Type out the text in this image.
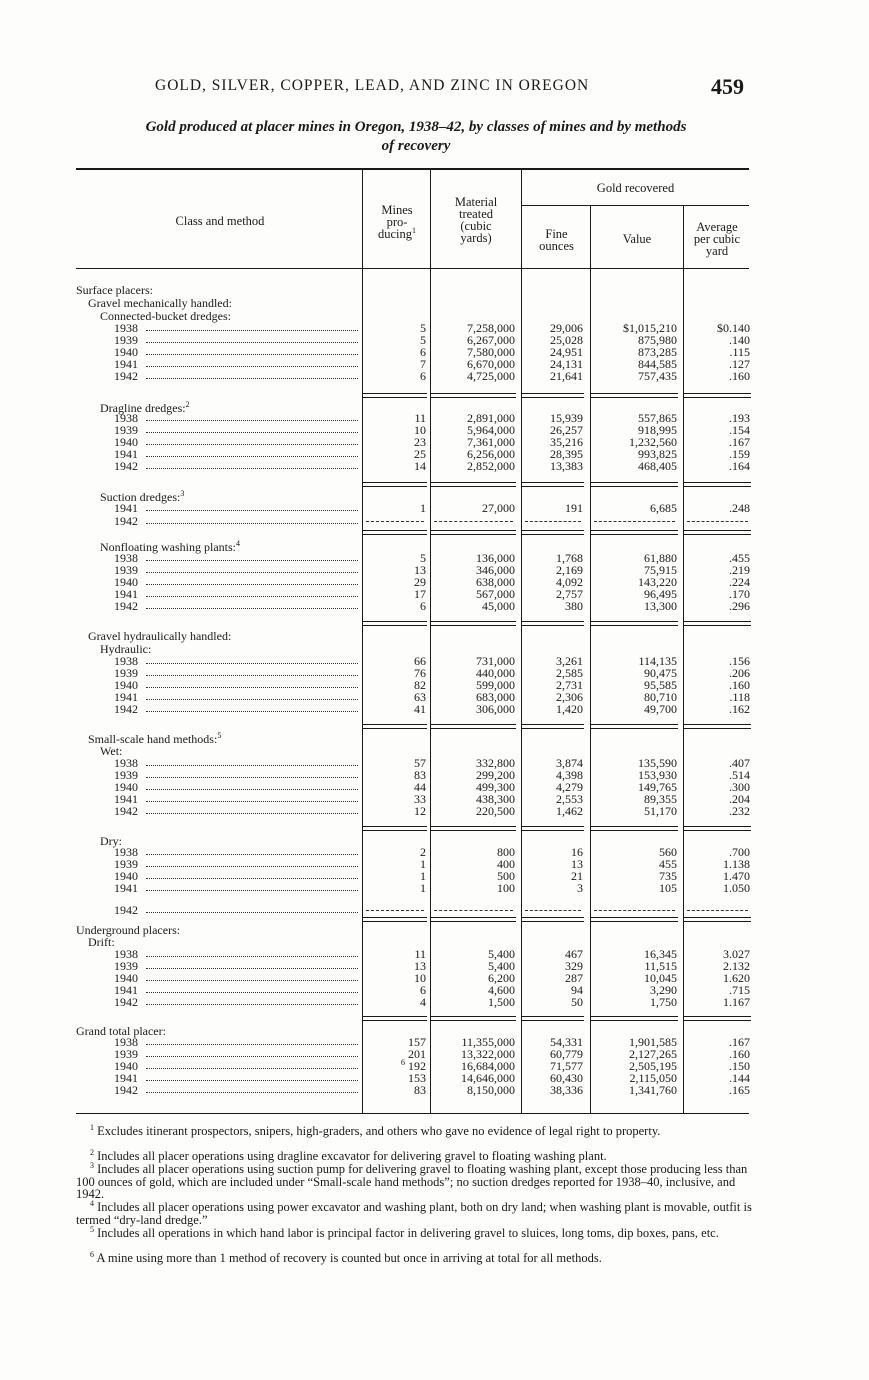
GOLD, SILVER, COPPER, LEAD, AND ZINC IN OREGON	459
Gold produced at placer mines in Oregon, 1938–42, by classes of mines and by methods
of recovery
Class and method
Mines
pro-
ducing$^1$
Material
treated
(cubic
yards)
Gold recovered
Fine
ounces	Value
Average
per cubic
yard
Surface placers:
Gravel mechanically handled:
Connected-bucket dredges:
1938	5	7,258,000	29,006	$1,015,210	$0.140
1939	5	6,267,000	25,028	875,980	.140
1940	6	7,580,000	24,951	873,285	.115
1941	7	6,670,000	24,131	844,585	.127
1942	6	4,725,000	21,641	757,435	.160
Dragline dredges:$^2$
1938	11	2,891,000	15,939	557,865	.193
1939	10	5,964,000	26,257	918,995	.154
1940	23	7,361,000	35,216	1,232,560	.167
1941	25	6,256,000	28,395	993,825	.159
1942	14	2,852,000	13,383	468,405	.164
Suction dredges:$^3$
1941	1	27,000	191	6,685	.248
1942
Nonfloating washing plants:$^4$
1938	5	136,000	1,768	61,880	.455
1939	13	346,000	2,169	75,915	.219
1940	29	638,000	4,092	143,220	.224
1941	17	567,000	2,757	96,495	.170
1942	6	45,000	380	13,300	.296
Gravel hydraulically handled:
Hydraulic:
1938	66	731,000	3,261	114,135	.156
1939	76	440,000	2,585	90,475	.206
1940	82	599,000	2,731	95,585	.160
1941	63	683,000	2,306	80,710	.118
1942	41	306,000	1,420	49,700	.162
Small-scale hand methods:$^5$
Wet:
1938	57	332,800	3,874	135,590	.407
1939	83	299,200	4,398	153,930	.514
1940	44	499,300	4,279	149,765	.300
1941	33	438,300	2,553	89,355	.204
1942	12	220,500	1,462	51,170	.232
Dry:
1938	2	800	16	560	.700
1939	1	400	13	455	1.138
1940	1	500	21	735	1.470
1941	1	100	3	105	1.050
1942
Underground placers:
Drift:
1938	11	5,400	467	16,345	3.027
1939	13	5,400	329	11,515	2.132
1940	10	6,200	287	10,045	1.620
1941	6	4,600	94	3,290	.715
1942	4	1,500	50	1,750	1.167
Grand total placer:
1938	157	11,355,000	54,331	1,901,585	.167
1939	201	13,322,000	60,779	2,127,265	.160
1940	$^6$ 192	16,684,000	71,577	2,505,195	.150
1941	153	14,646,000	60,430	2,115,050	.144
1942	83	8,150,000	38,336	1,341,760	.165
$^1$ Excludes itinerant prospectors, snipers, high-graders, and others who gave no evidence of legal right to property.
$^2$ Includes all placer operations using dragline excavator for delivering gravel to floating washing plant.
$^3$ Includes all placer operations using suction pump for delivering gravel to floating washing plant, except those producing less than 100 ounces of gold, which are included under “Small-scale hand methods”; no suction dredges reported for 1938–40, inclusive, and 1942.
$^4$ Includes all placer operations using power excavator and washing plant, both on dry land; when washing plant is movable, outfit is termed “dry-land dredge.”
$^5$ Includes all operations in which hand labor is principal factor in delivering gravel to sluices, long toms, dip boxes, pans, etc.
$^6$ A mine using more than 1 method of recovery is counted but once in arriving at total for all methods.
